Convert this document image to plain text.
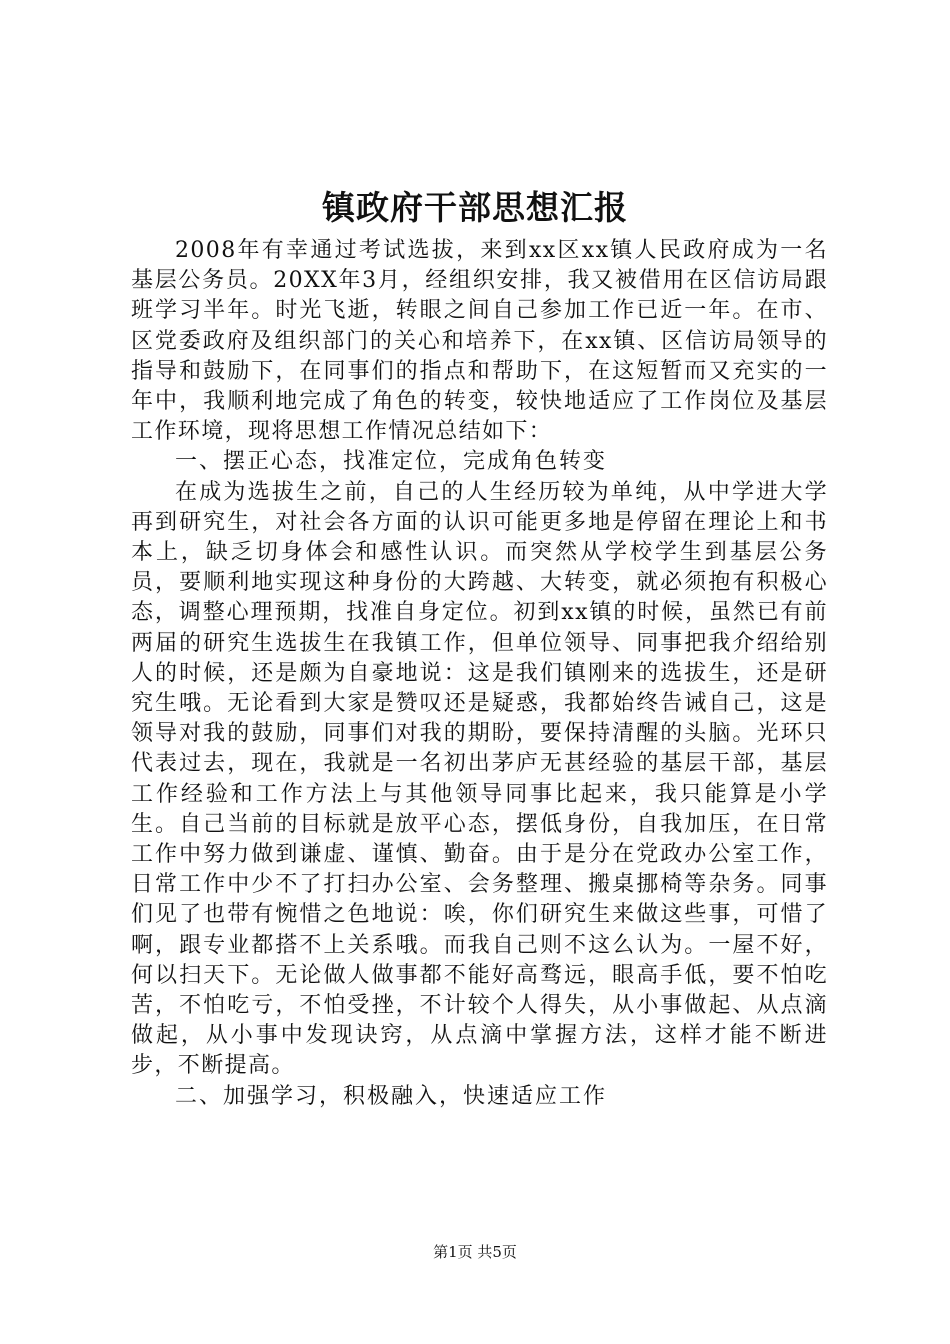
镇政府干部思想汇报

2008年有幸通过考试选拔，来到xx区xx镇人民政府成为一名基层公务员。20XX年3月，经组织安排，我又被借用在区信访局跟班学习半年。时光飞逝，转眼之间自己参加工作已近一年。在市、区党委政府及组织部门的关心和培养下，在xx镇、区信访局领导的指导和鼓励下，在同事们的指点和帮助下，在这短暂而又充实的一年中，我顺利地完成了角色的转变，较快地适应了工作岗位及基层工作环境，现将思想工作情况总结如下：

一、摆正心态，找准定位，完成角色转变

在成为选拔生之前，自己的人生经历较为单纯，从中学进大学再到研究生，对社会各方面的认识可能更多地是停留在理论上和书本上，缺乏切身体会和感性认识。而突然从学校学生到基层公务员，要顺利地实现这种身份的大跨越、大转变，就必须抱有积极心态，调整心理预期，找准自身定位。初到xx镇的时候，虽然已有前两届的研究生选拔生在我镇工作，但单位领导、同事把我介绍给别人的时候，还是颇为自豪地说：这是我们镇刚来的选拔生，还是研究生哦。无论看到大家是赞叹还是疑惑，我都始终告诫自己，这是领导对我的鼓励，同事们对我的期盼，要保持清醒的头脑。光环只代表过去，现在，我就是一名初出茅庐无甚经验的基层干部，基层工作经验和工作方法上与其他领导同事比起来，我只能算是小学生。自己当前的目标就是放平心态，摆低身份，自我加压，在日常工作中努力做到谦虚、谨慎、勤奋。由于是分在党政办公室工作，日常工作中少不了打扫办公室、会务整理、搬桌挪椅等杂务。同事们见了也带有惋惜之色地说：唉，你们研究生来做这些事，可惜了啊，跟专业都搭不上关系哦。而我自己则不这么认为。一屋不好，何以扫天下。无论做人做事都不能好高骛远，眼高手低，要不怕吃苦，不怕吃亏，不怕受挫，不计较个人得失，从小事做起、从点滴做起，从小事中发现诀窍，从点滴中掌握方法，这样才能不断进步，不断提高。

二、加强学习，积极融入，快速适应工作

第1页 共5页
